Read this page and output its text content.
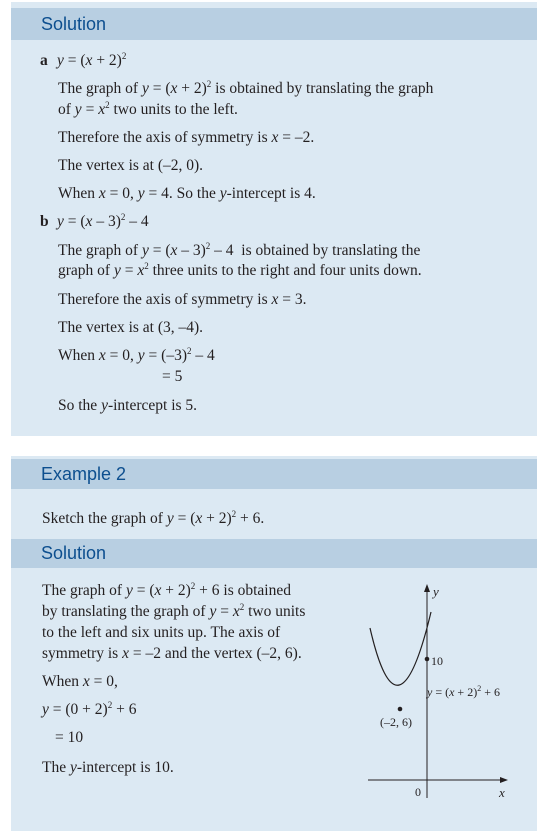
Solution
a $y = (x + 2)^2$
The graph of $y = (x + 2)^2$ is obtained by translating the graph
of $y = x^2$ two units to the left.
Therefore the axis of symmetry is x = –2.
The vertex is at (–2, 0).
When x = 0, y = 4. So the y-intercept is 4.
b y = (x – 3)$^2$ – 4
The graph of y = (x – 3)$^2$ – 4  is obtained by translating the
graph of $y = x^2$ three units to the right and four units down.
Therefore the axis of symmetry is x = 3.
The vertex is at (3, –4).
When x = 0, $y = (-3)^2 - 4$
= 5
So the y-intercept is 5.
Example 2
Solution
Sketch the graph of $y = (x + 2)^2 + 6$.
The graph of $y = (x + 2)^2 + 6$ is obtained
by translating the graph of $y = x^2$ two units
to the left and six units up. The axis of
symmetry is x = –2 and the vertex (–2, 6).
When x = 0,
$y = (0 + 2)^2 + 6$
= 10
The y-intercept is 10.
y
x
0
10
(–2, 6)
$y = (x + 2)^2 + 6$
